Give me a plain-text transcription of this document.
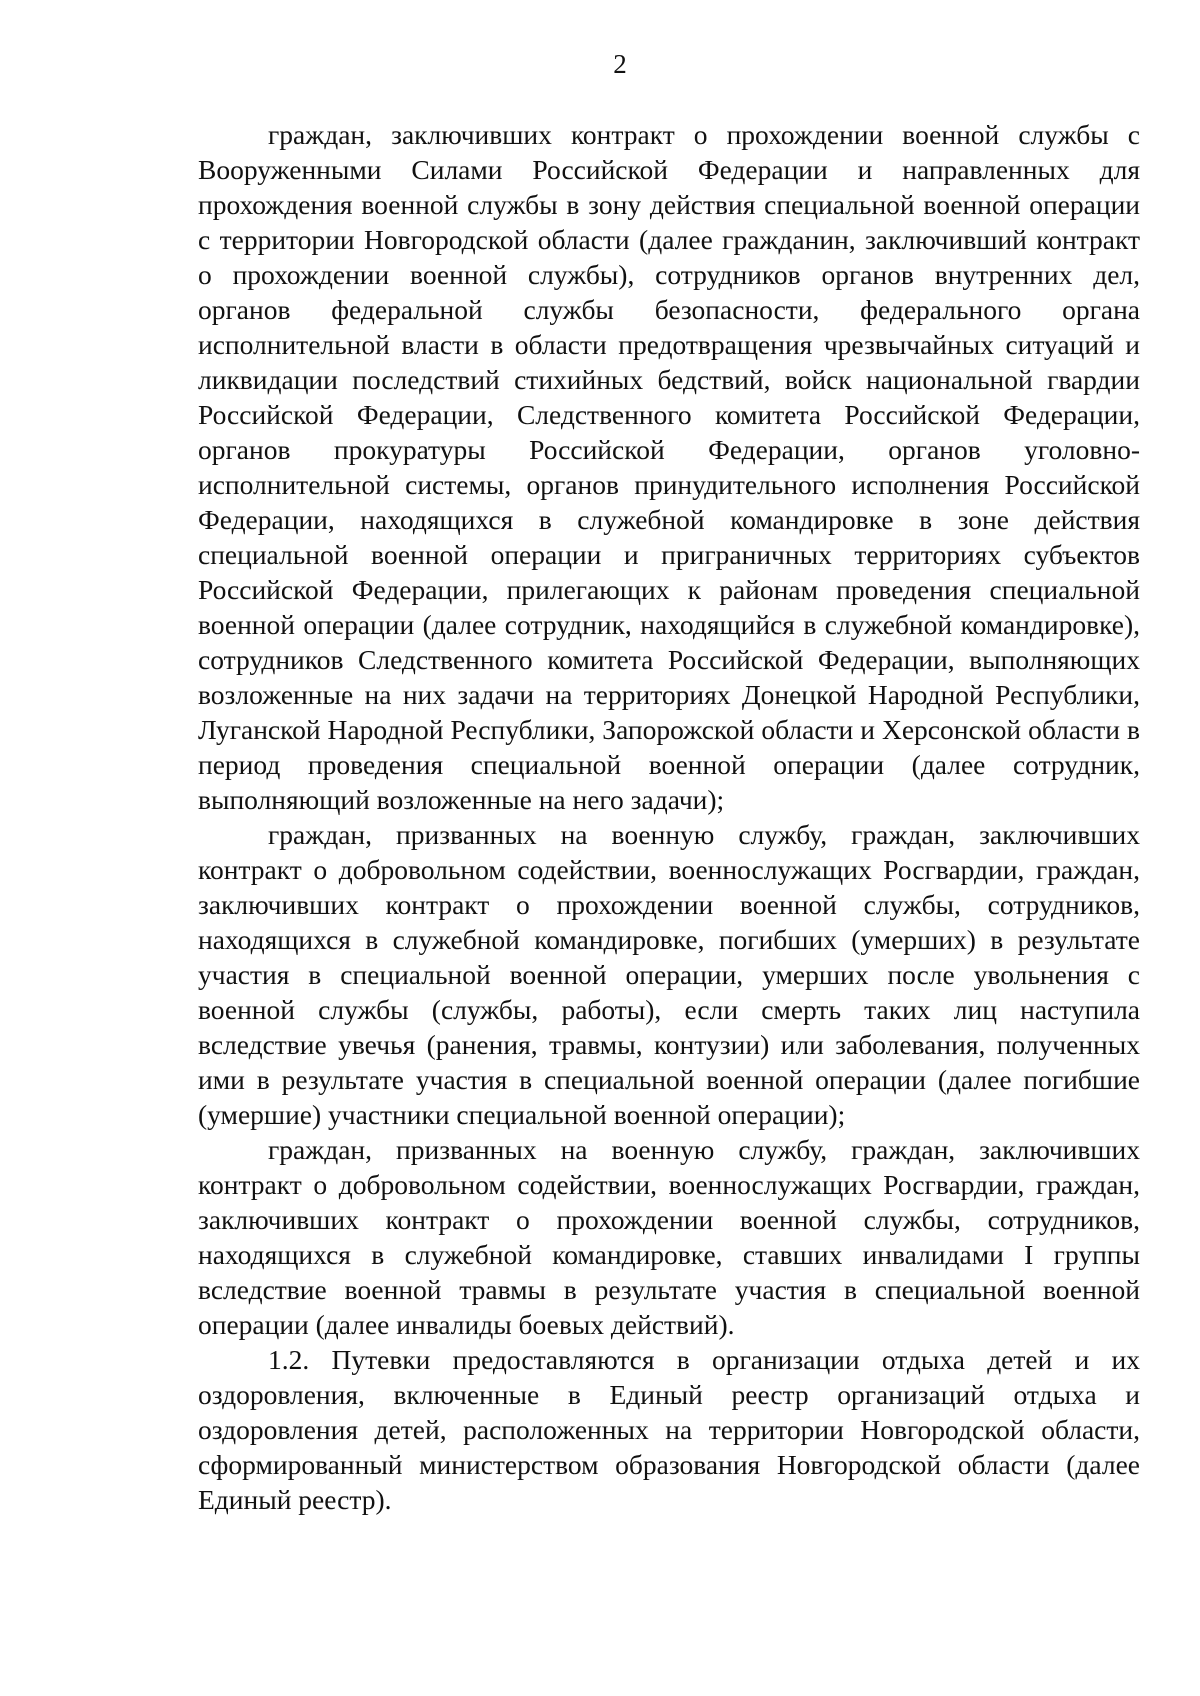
2

граждан, заключивших контракт о прохождении военной службы с Вооруженными Силами Российской Федерации и направленных для прохождения военной службы в зону действия специальной военной операции с территории Новгородской области (далее гражданин, заключивший контракт о прохождении военной службы), сотрудников органов внутренних дел, органов федеральной службы безопасности, федерального органа исполнительной власти в области предотвращения чрезвычайных ситуаций и ликвидации последствий стихийных бедствий, войск национальной гвардии Российской Федерации, Следственного комитета Российской Федерации, органов прокуратуры Российской Федерации, органов уголовно-исполнительной системы, органов принудительного исполнения Российской Федерации, находящихся в служебной командировке в зоне действия специальной военной операции и приграничных территориях субъектов Российской Федерации, прилегающих к районам проведения специальной военной операции (далее сотрудник, находящийся в служебной командировке), сотрудников Следственного комитета Российской Федерации, выполняющих возложенные на них задачи на территориях Донецкой Народной Республики, Луганской Народной Республики, Запорожской области и Херсонской области в период проведения специальной военной операции (далее сотрудник, выполняющий возложенные на него задачи);

граждан, призванных на военную службу, граждан, заключивших контракт о добровольном содействии, военнослужащих Росгвардии, граждан, заключивших контракт о прохождении военной службы, сотрудников, находящихся в служебной командировке, погибших (умерших) в результате участия в специальной военной операции, умерших после увольнения с военной службы (службы, работы), если смерть таких лиц наступила вследствие увечья (ранения, травмы, контузии) или заболевания, полученных ими в результате участия в специальной военной операции (далее погибшие (умершие) участники специальной военной операции);

граждан, призванных на военную службу, граждан, заключивших контракт о добровольном содействии, военнослужащих Росгвардии, граждан, заключивших контракт о прохождении военной службы, сотрудников, находящихся в служебной командировке, ставших инвалидами I группы вследствие военной травмы в результате участия в специальной военной операции (далее инвалиды боевых действий).

1.2. Путевки предоставляются в организации отдыха детей и их оздоровления, включенные в Единый реестр организаций отдыха и оздоровления детей, расположенных на территории Новгородской области, сформированный министерством образования Новгородской области (далее Единый реестр).
